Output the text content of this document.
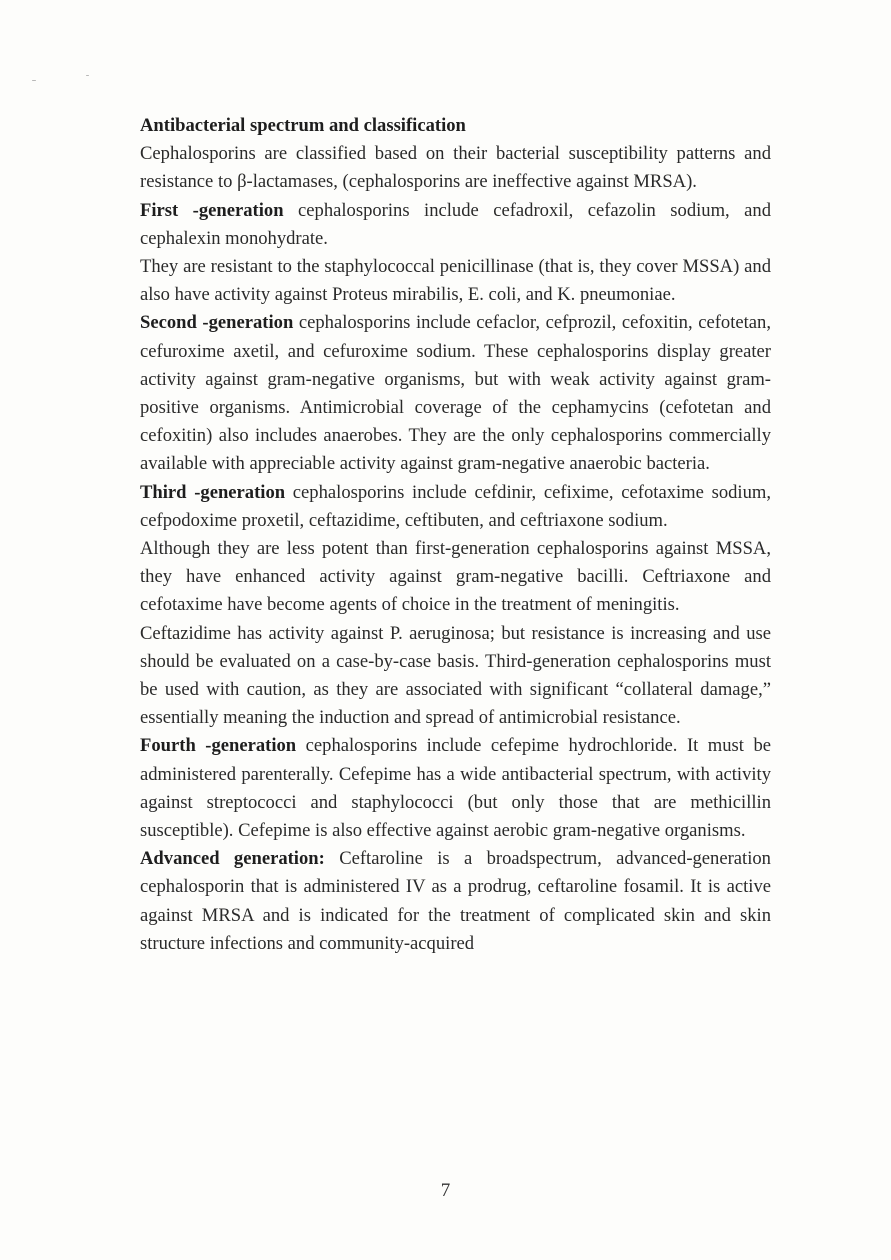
Antibacterial spectrum and classification

Cephalosporins are classified based on their bacterial susceptibility patterns and resistance to β-lactamases, (cephalosporins are ineffective against MRSA).

First -generation cephalosporins include cefadroxil, cefazolin sodium, and cephalexin monohydrate.

They are resistant to the staphylococcal penicillinase (that is, they cover MSSA) and also have activity against Proteus mirabilis, E. coli, and K. pneumoniae.

Second -generation cephalosporins include cefaclor, cefprozil, cefoxitin, cefotetan, cefuroxime axetil, and cefuroxime sodium. These cephalosporins display greater activity against gram-negative organisms, but with weak activity against gram-positive organisms. Antimicrobial coverage of the cephamycins (cefotetan and cefoxitin) also includes anaerobes. They are the only cephalosporins commercially available with appreciable activity against gram-negative anaerobic bacteria.

Third -generation cephalosporins include cefdinir, cefixime, cefotaxime sodium, cefpodoxime proxetil, ceftazidime, ceftibuten, and ceftriaxone sodium.

Although they are less potent than first-generation cephalosporins against MSSA, they have enhanced activity against gram-negative bacilli. Ceftriaxone and cefotaxime have become agents of choice in the treatment of meningitis.

Ceftazidime has activity against P. aeruginosa; but resistance is increasing and use should be evaluated on a case-by-case basis. Third-generation cephalosporins must be used with caution, as they are associated with significant “collateral damage,” essentially meaning the induction and spread of antimicrobial resistance.

Fourth -generation cephalosporins include cefepime hydrochloride. It must be administered parenterally. Cefepime has a wide antibacterial spectrum, with activity against streptococci and staphylococci (but only those that are methicillin susceptible). Cefepime is also effective against aerobic gram-negative organisms.

Advanced generation: Ceftaroline is a broadspectrum, advanced-generation cephalosporin that is administered IV as a prodrug, ceftaroline fosamil. It is active against MRSA and is indicated for the treatment of complicated skin and skin structure infections and community-acquired

7
